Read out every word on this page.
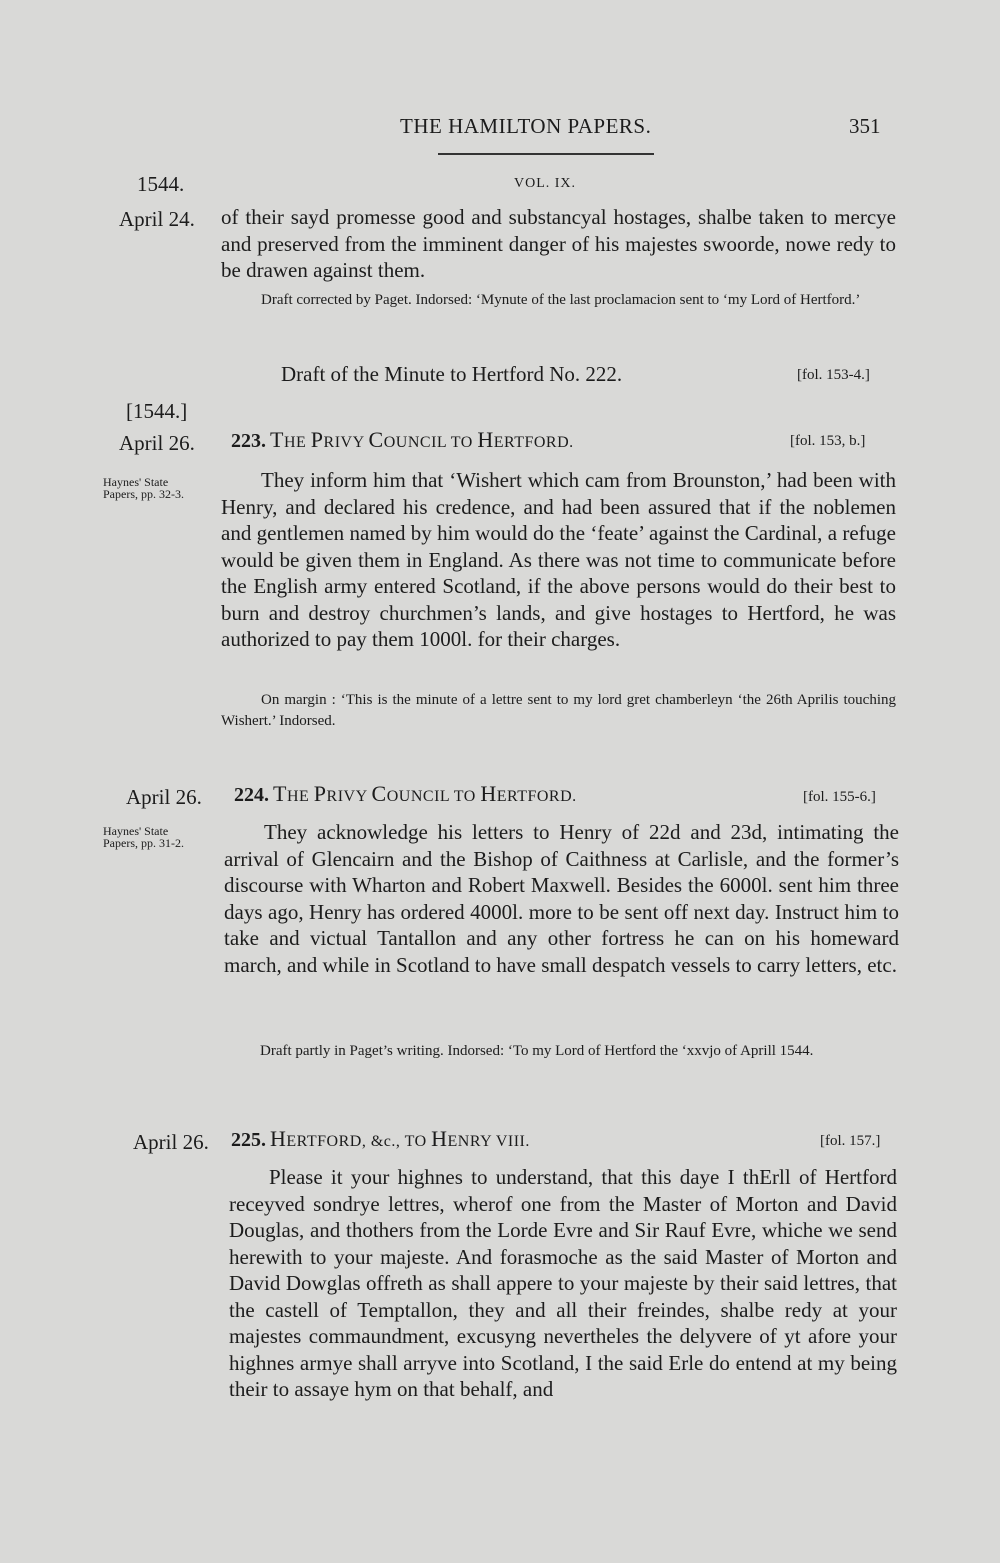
THE HAMILTON PAPERS.	351
1544.	VOL. IX.
April 24. of their sayd promesse good and substancyal hostages, shalbe taken to mercye and preserved from the imminent danger of his majestes swoorde, nowe redy to be drawen against them.
Draft corrected by Paget. Indorsed: ‘Mynute of the last proclamacion sent to ‘my Lord of Hertford.’
Draft of the Minute to Hertford No. 222.	[fol. 153-4.]
[1544.]
April 26. 223. THE PRIVY COUNCIL TO HERTFORD.	[fol. 153, b.]
Haynes' State
Papers, pp. 32-3.
They inform him that ‘Wishert which cam from Brounston,’ had been with Henry, and declared his credence, and had been assured that if the noblemen and gentlemen named by him would do the ‘feate’ against the Cardinal, a refuge would be given them in England. As there was not time to communicate before the English army entered Scotland, if the above persons would do their best to burn and destroy churchmen’s lands, and give hostages to Hertford, he was authorized to pay them 1000l. for their charges.
On margin : ‘This is the minute of a lettre sent to my lord gret chamberleyn ‘the 26th Aprilis touching Wishert.’ Indorsed.
April 26. 224. THE PRIVY COUNCIL TO HERTFORD.	[fol. 155-6.]
Haynes' State
Papers, pp. 31-2.	They acknowledge his letters to Henry of 22d and 23d, intimating the arrival of Glencairn and the Bishop of Caithness at Carlisle, and the former’s discourse with Wharton and Robert Maxwell. Besides the 6000l. sent him three days ago, Henry has ordered 4000l. more to be sent off next day. Instruct him to take and victual Tantallon and any other fortress he can on his homeward march, and while in Scotland to have small despatch vessels to carry letters, etc.
Draft partly in Paget’s writing. Indorsed: ‘To my Lord of Hertford the ‘xxvjo of Aprill 1544.
April 26. 225. HERTFORD, &c., TO HENRY VIII.	[fol. 157.]
Please it your highnes to understand, that this daye I thErll of Hertford receyved sondrye lettres, wherof one from the Master of Morton and David Douglas, and thothers from the Lorde Evre and Sir Rauf Evre, whiche we send herewith to your majeste. And forasmoche as the said Master of Morton and David Dowglas offreth as shall appere to your majeste by their said lettres, that the castell of Temptallon, they and all their freindes, shalbe redy at your majestes commaundment, excusyng nevertheles the delyvere of yt afore your highnes armye shall arryve into Scotland, I the said Erle do entend at my being their to assaye hym on that behalf, and
